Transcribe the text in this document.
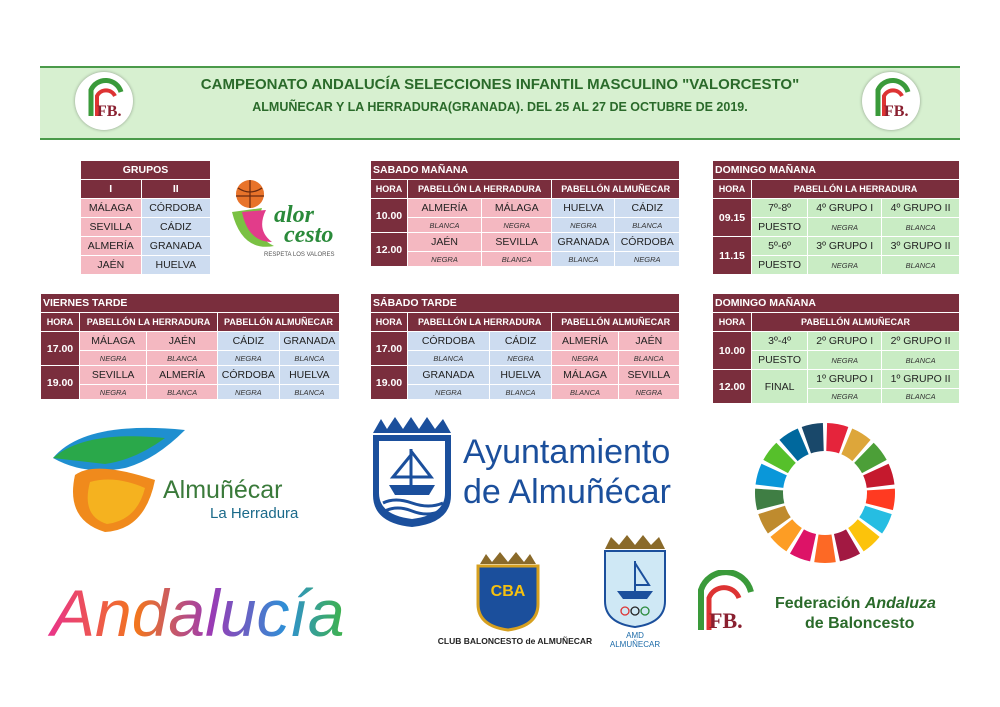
CAMPEONATO ANDALUCÍA SELECCIONES INFANTIL MASCULINO "VALORCESTO"
ALMUÑECAR Y LA HERRADURA(GRANADA). DEL 25 AL 27 DE OCTUBRE DE 2019.
FB.	FB.
GRUPOS	
I	II
MÁLAGA	CÓRDOBA
SEVILLA	CÁDIZ
ALMERÍA	GRANADA
JAÉN	HUELVA
alor
cesto
RESPETA LOS VALORES
SABADO MAÑANA				
HORA	PABELLÓN LA HERRADURA		PABELLÓN ALMUÑECAR	
10.00	ALMERÍA	MÁLAGA	HUELVA	CÁDIZ
	BLANCA	NEGRA	NEGRA	BLANCA
12.00	JAÉN	SEVILLA	GRANADA	CÓRDOBA
	NEGRA	BLANCA	BLANCA	NEGRA
DOMINGO MAÑANA			
HORA	PABELLÓN LA HERRADURA		
09.15	7º-8º	4º GRUPO I	4º GRUPO II
	PUESTO	NEGRA	BLANCA
11.15	5º-6º	3º GRUPO I	3º GRUPO II
	PUESTO	NEGRA	BLANCA
VIERNES TARDE				
HORA	PABELLÓN LA HERRADURA		PABELLÓN ALMUÑECAR	
17.00	MÁLAGA	JAÉN	CÁDIZ	GRANADA
	NEGRA	BLANCA	NEGRA	BLANCA
19.00	SEVILLA	ALMERÍA	CÓRDOBA	HUELVA
	NEGRA	BLANCA	NEGRA	BLANCA
SÁBADO TARDE				
HORA	PABELLÓN LA HERRADURA		PABELLÓN ALMUÑECAR	
17.00	CÓRDOBA	CÁDIZ	ALMERÍA	JAÉN
	BLANCA	NEGRA	NEGRA	BLANCA
19.00	GRANADA	HUELVA	MÁLAGA	SEVILLA
	NEGRA	BLANCA	BLANCA	NEGRA
DOMINGO MAÑANA			
HORA	PABELLÓN ALMUÑECAR		
10.00	3º-4º	2º GRUPO I	2º GRUPO II
	PUESTO	NEGRA	BLANCA
12.00	FINAL	1º GRUPO I	1º GRUPO II
		NEGRA	BLANCA
Almuñécar
La Herradura
Ayuntamiento
de Almuñécar
Andalucía	CBA
CLUB BALONCESTO de ALMUÑECAR
AMD
ALMUÑECAR
FB.
Federación Andaluza
de Baloncesto
